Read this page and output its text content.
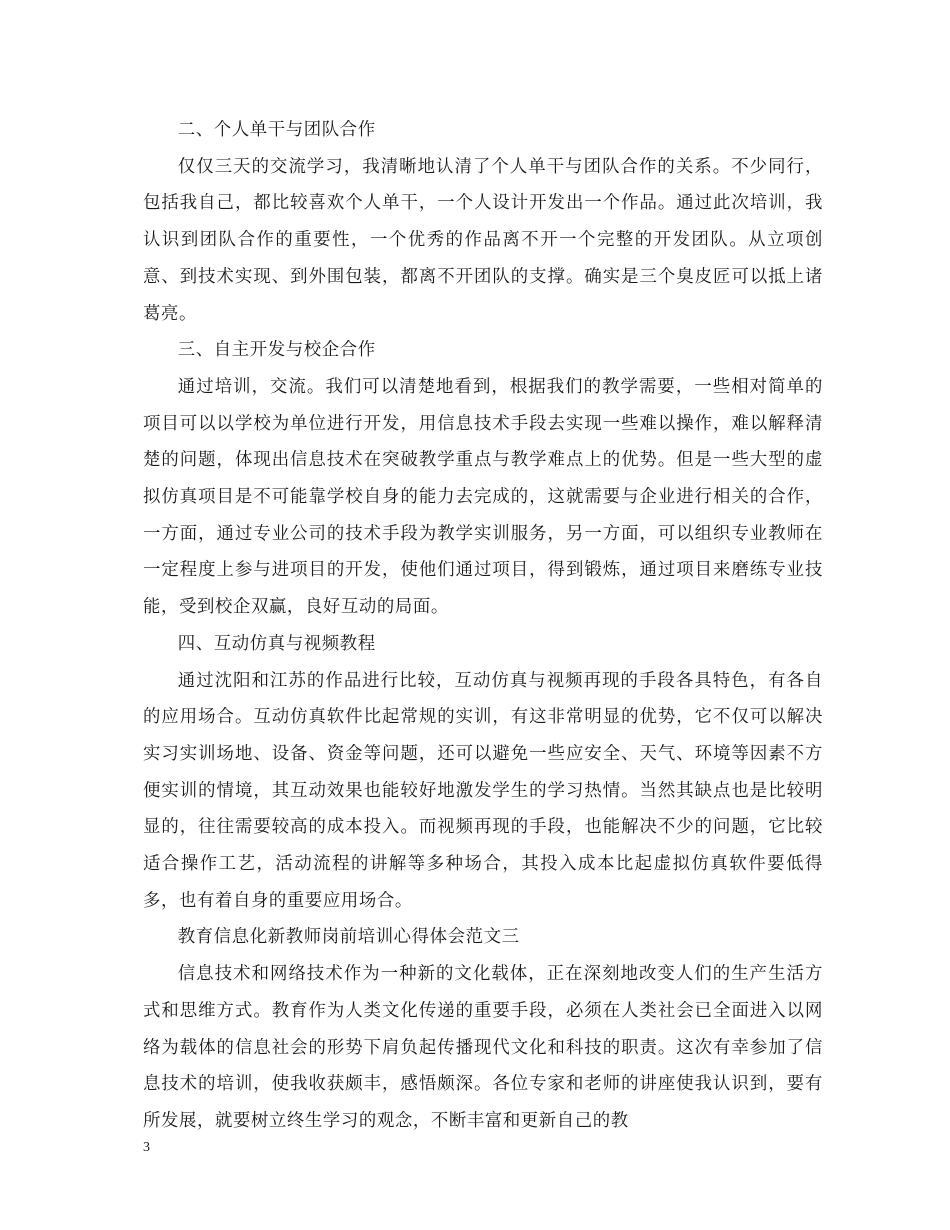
二、个人单干与团队合作

仅仅三天的交流学习，我清晰地认清了个人单干与团队合作的关系。不少同行，包括我自己，都比较喜欢个人单干，一个人设计开发出一个作品。通过此次培训，我认识到团队合作的重要性，一个优秀的作品离不开一个完整的开发团队。从立项创意、到技术实现、到外围包装，都离不开团队的支撑。确实是三个臭皮匠可以抵上诸葛亮。

三、自主开发与校企合作

通过培训，交流。我们可以清楚地看到，根据我们的教学需要，一些相对简单的项目可以以学校为单位进行开发，用信息技术手段去实现一些难以操作，难以解释清楚的问题，体现出信息技术在突破教学重点与教学难点上的优势。但是一些大型的虚拟仿真项目是不可能靠学校自身的能力去完成的，这就需要与企业进行相关的合作，一方面，通过专业公司的技术手段为教学实训服务，另一方面，可以组织专业教师在一定程度上参与进项目的开发，使他们通过项目，得到锻炼，通过项目来磨练专业技能，受到校企双赢，良好互动的局面。

四、互动仿真与视频教程

通过沈阳和江苏的作品进行比较，互动仿真与视频再现的手段各具特色，有各自的应用场合。互动仿真软件比起常规的实训，有这非常明显的优势，它不仅可以解决实习实训场地、设备、资金等问题，还可以避免一些应安全、天气、环境等因素不方便实训的情境，其互动效果也能较好地激发学生的学习热情。当然其缺点也是比较明显的，往往需要较高的成本投入。而视频再现的手段，也能解决不少的问题，它比较适合操作工艺，活动流程的讲解等多种场合，其投入成本比起虚拟仿真软件要低得多，也有着自身的重要应用场合。

教育信息化新教师岗前培训心得体会范文三

信息技术和网络技术作为一种新的文化载体，正在深刻地改变人们的生产生活方式和思维方式。教育作为人类文化传递的重要手段，必须在人类社会已全面进入以网络为载体的信息社会的形势下肩负起传播现代文化和科技的职责。这次有幸参加了信息技术的培训，使我收获颇丰，感悟颇深。各位专家和老师的讲座使我认识到，要有所发展，就要树立终生学习的观念，不断丰富和更新自己的教

3
